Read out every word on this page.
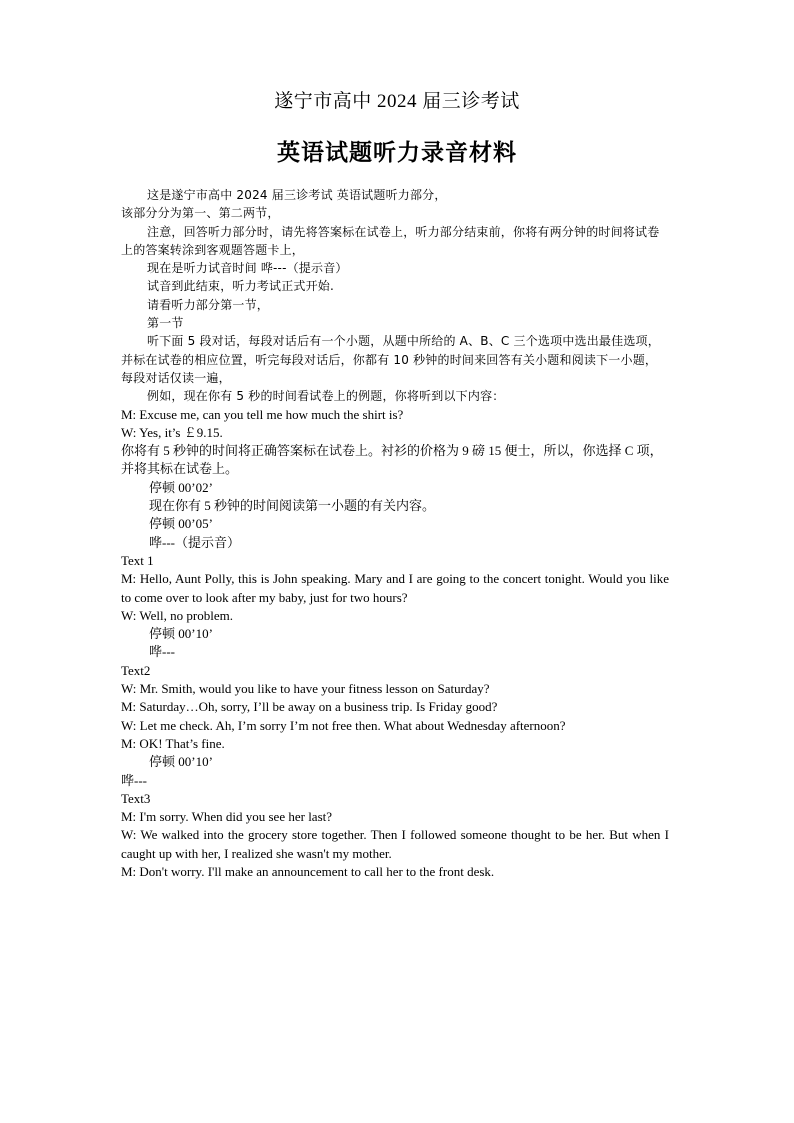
遂宁市高中 2024 届三诊考试
英语试题听力录音材料

这是遂宁市高中 2024 届三诊考试 英语试题听力部分，

该部分分为第一、第二两节，

注意，回答听力部分时，请先将答案标在试卷上，听力部分结束前，你将有两分钟的时间将试卷上的答案转涂到客观题答题卡上，

现在是听力试音时间 哗---（提示音）

试音到此结束，听力考试正式开始.

请看听力部分第一节，

第一节

听下面 5 段对话，每段对话后有一个小题，从题中所给的 A、B、C 三个选项中选出最佳选项，并标在试卷的相应位置，听完每段对话后，你都有 10 秒钟的时间来回答有关小题和阅读下一小题，每段对话仅读一遍，

例如，现在你有 5 秒的时间看试卷上的例题，你将听到以下内容：

M: Excuse me, can you tell me how much the shirt is?

W: Yes, it’s ￡9.15.

你将有 5 秒钟的时间将正确答案标在试卷上。衬衫的价格为 9 磅 15 便士，所以，你选择 C 项，并将其标在试卷上。

停顿 00’02’

现在你有 5 秒钟的时间阅读第一小题的有关内容。

停顿 00’05’

哗---（提示音）

Text 1

M: Hello, Aunt Polly, this is John speaking. Mary and I are going to the concert tonight. Would you like to come over to look after my baby, just for two hours?

W: Well, no problem.

停顿 00’10’

哗---

Text2

W: Mr. Smith, would you like to have your fitness lesson on Saturday?

M: Saturday…Oh, sorry, I’ll be away on a business trip. Is Friday good?

W: Let me check. Ah, I’m sorry I’m not free then. What about Wednesday afternoon?

M: OK! That’s fine.

停顿 00’10’

哗---

Text3

M: I'm sorry. When did you see her last?

W: We walked into the grocery store together. Then I followed someone thought to be her. But when I caught up with her, I realized she wasn't my mother.

M: Don't worry. I'll make an announcement to call her to the front desk.
